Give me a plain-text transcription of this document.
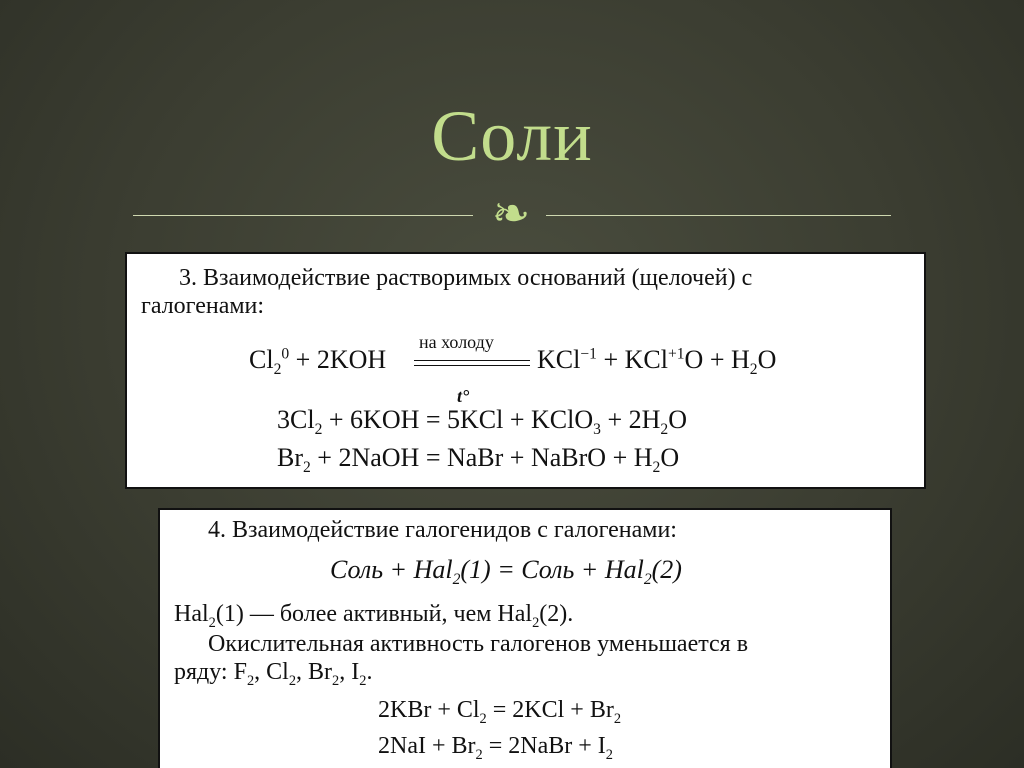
Соли
❧
3. Взаимодействие растворимых оснований (щелочей) с
галогенами:
на холоду
$Cl_2^0 + 2KOH$	$KCl^{-1} + KCl^{+1}O + H_2O$
t°
$3Cl_2 + 6KOH = 5KCl$ + KClO$_3$ + $2H_2O$
$Br_2$ + 2NaOH = NaBr + NaBrO + $H_2O$
4. Взаимодействие галогенидов с галогенами:
Соль + Hal$_2$(1) = Соль + Hal$_2$(2)
Hal$_2$(1) — более активный, чем Hal$_2$(2).
Окислительная активность галогенов уменьшается в
ряду: $F_2$, $Cl_2$, $Br_2$, $I_2$.
$2KBr + Cl_2 = 2KCl + Br_2$
$2NaI + Br_2$ = 2NaBr + $I_2$
